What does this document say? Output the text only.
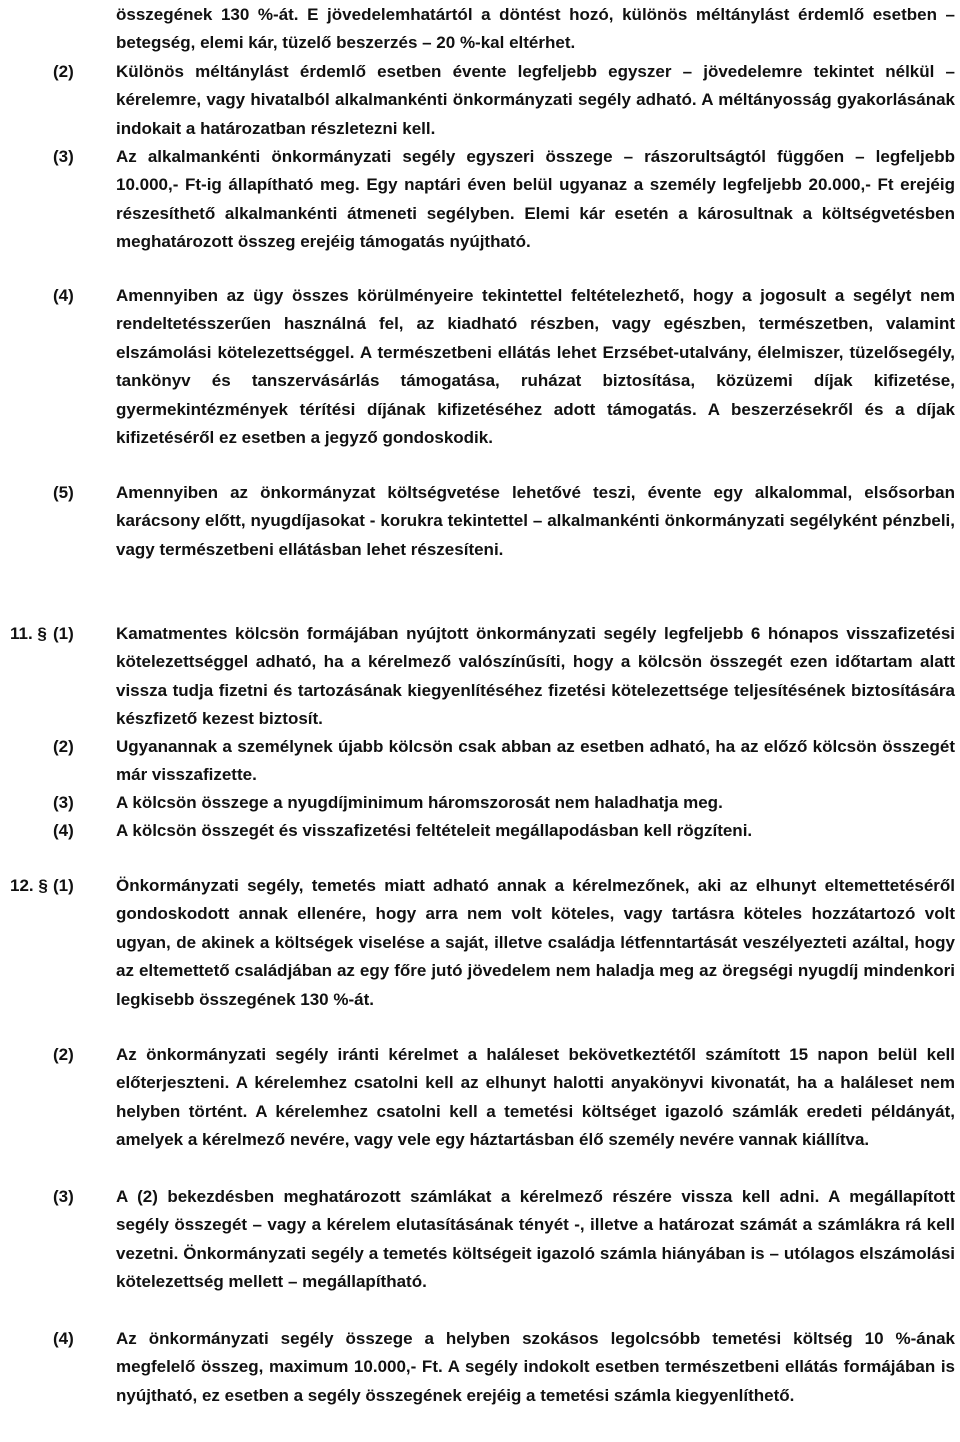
összegének 130 %-át. E jövedelemhatártól a döntést hozó, különös méltánylást érdemlő esetben – betegség, elemi kár, tüzelő beszerzés – 20 %-kal eltérhet.
(2) Különös méltánylást érdemlő esetben évente legfeljebb egyszer – jövedelemre tekintet nélkül – kérelemre, vagy hivatalból alkalmankénti önkormányzati segély adható. A méltányosság gyakorlásának indokait a határozatban részletezni kell.
(3) Az alkalmankénti önkormányzati segély egyszeri összege – rászorultságtól függően – legfeljebb 10.000,- Ft-ig állapítható meg. Egy naptári éven belül ugyanaz a személy legfeljebb 20.000,- Ft erejéig részesíthető alkalmankénti átmeneti segélyben. Elemi kár esetén a károsultnak a költségvetésben meghatározott összeg erejéig támogatás nyújtható.
(4) Amennyiben az ügy összes körülményeire tekintettel feltételezhető, hogy a jogosult a segélyt nem rendeltetésszerűen használná fel, az kiadható részben, vagy egészben, természetben, valamint elszámolási kötelezettséggel. A természetbeni ellátás lehet Erzsébet-utalvány, élelmiszer, tüzelősegély, tankönyv és tanszervásárlás támogatása, ruházat biztosítása, közüzemi díjak kifizetése, gyermekintézmények térítési díjának kifizetéséhez adott támogatás. A beszerzésekről és a díjak kifizetéséről ez esetben a jegyző gondoskodik.
(5) Amennyiben az önkormányzat költségvetése lehetővé teszi, évente egy alkalommal, elsősorban karácsony előtt, nyugdíjasokat - korukra tekintettel – alkalmankénti önkormányzati segélyként pénzbeli, vagy természetbeni ellátásban lehet részesíteni.
11. § (1) Kamatmentes kölcsön formájában nyújtott önkormányzati segély legfeljebb 6 hónapos visszafizetési kötelezettséggel adható, ha a kérelmező valószínűsíti, hogy a kölcsön összegét ezen időtartam alatt vissza tudja fizetni és tartozásának kiegyenlítéséhez fizetési kötelezettsége teljesítésének biztosítására készfizető kezest biztosít.
(2) Ugyanannak a személynek újabb kölcsön csak abban az esetben adható, ha az előző kölcsön összegét már visszafizette.
(3) A kölcsön összege a nyugdíjminimum háromszorosát nem haladhatja meg.
(4) A kölcsön összegét és visszafizetési feltételeit megállapodásban kell rögzíteni.
12. § (1) Önkormányzati segély, temetés miatt adható annak a kérelmezőnek, aki az elhunyt eltemettetéséről gondoskodott annak ellenére, hogy arra nem volt köteles, vagy tartásra köteles hozzátartozó volt ugyan, de akinek a költségek viselése a saját, illetve családja létfenntartását veszélyezteti azáltal, hogy az eltemettető családjában az egy főre jutó jövedelem nem haladja meg az öregségi nyugdíj mindenkori legkisebb összegének 130 %-át.
(2) Az önkormányzati segély iránti kérelmet a haláleset bekövetkeztétől számított 15 napon belül kell előterjeszteni. A kérelemhez csatolni kell az elhunyt halotti anyakönyvi kivonatát, ha a haláleset nem helyben történt. A kérelemhez csatolni kell a temetési költséget igazoló számlák eredeti példányát, amelyek a kérelmező nevére, vagy vele egy háztartásban élő személy nevére vannak kiállítva.
(3) A (2) bekezdésben meghatározott számlákat a kérelmező részére vissza kell adni. A megállapított segély összegét – vagy a kérelem elutasításának tényét -, illetve a határozat számát a számlákra rá kell vezetni. Önkormányzati segély a temetés költségeit igazoló számla hiányában is – utólagos elszámolási kötelezettség mellett – megállapítható.
(4) Az önkormányzati segély összege a helyben szokásos legolcsóbb temetési költség 10 %-ának megfelelő összeg, maximum 10.000,- Ft. A segély indokolt esetben természetbeni ellátás formájában is nyújtható, ez esetben a segély összegének erejéig a temetési számla kiegyenlíthető.
